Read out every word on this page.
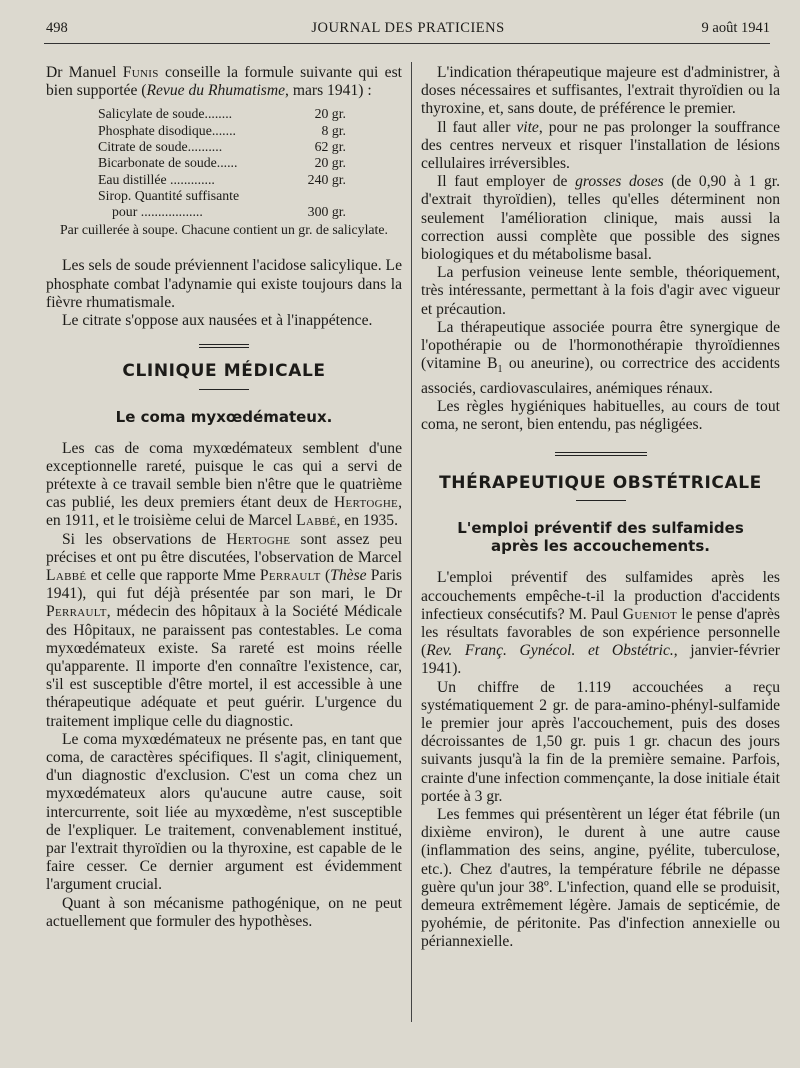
498	JOURNAL DES PRATICIENS	9 août 1941

Dr Manuel Funis conseille la formule suivante qui est bien supportée (Revue du Rhumatisme, mars 1941) :

Salicylate de soude........	20 gr.
Phosphate disodique.......	8 gr.
Citrate de soude..........	62 gr.
Bicarbonate de soude......	20 gr.
Eau distillée .............	240 gr.
Sirop. Quantité suffisante
pour ..................	300 gr.

Par cuillerée à soupe. Chacune contient un gr. de salicylate.

Les sels de soude préviennent l'acidose salicylique. Le phosphate combat l'adynamie qui existe toujours dans la fièvre rhumatismale.

Le citrate s'oppose aux nausées et à l'inappétence.

CLINIQUE MÉDICALE
Le coma myxœdémateux.

Les cas de coma myxœdémateux semblent d'une exceptionnelle rareté, puisque le cas qui a servi de prétexte à ce travail semble bien n'être que le quatrième cas publié, les deux premiers étant deux de Hertoghe, en 1911, et le troisième celui de Marcel Labbé, en 1935.

Si les observations de Hertoghe sont assez peu précises et ont pu être discutées, l'observation de Marcel Labbé et celle que rapporte Mme Perrault (Thèse Paris 1941), qui fut déjà présentée par son mari, le Dr Perrault, médecin des hôpitaux à la Société Médicale des Hôpitaux, ne paraissent pas contestables. Le coma myxœdémateux existe. Sa rareté est moins réelle qu'apparente. Il importe d'en connaître l'existence, car, s'il est susceptible d'être mortel, il est accessible à une thérapeutique adéquate et peut guérir. L'urgence du traitement implique celle du diagnostic.

Le coma myxœdémateux ne présente pas, en tant que coma, de caractères spécifiques. Il s'agit, cliniquement, d'un diagnostic d'exclusion. C'est un coma chez un myxœdémateux alors qu'aucune autre cause, soit intercurrente, soit liée au myxœdème, n'est susceptible de l'expliquer. Le traitement, convenablement institué, par l'extrait thyroïdien ou la thyroxine, est capable de le faire cesser. Ce dernier argument est évidemment l'argument crucial.

Quant à son mécanisme pathogénique, on ne peut actuellement que formuler des hypothèses.

L'indication thérapeutique majeure est d'administrer, à doses nécessaires et suffisantes, l'extrait thyroïdien ou la thyroxine, et, sans doute, de préférence le premier.

Il faut aller vite, pour ne pas prolonger la souffrance des centres nerveux et risquer l'installation de lésions cellulaires irréversibles.

Il faut employer de grosses doses (de 0,90 à 1 gr. d'extrait thyroïdien), telles qu'elles déterminent non seulement l'amélioration clinique, mais aussi la correction aussi complète que possible des signes biologiques et du métabolisme basal.

La perfusion veineuse lente semble, théoriquement, très intéressante, permettant à la fois d'agir avec vigueur et précaution.

La thérapeutique associée pourra être synergique de l'opothérapie ou de l'hormonothérapie thyroïdiennes (vitamine $B_1$ ou aneurine), ou correctrice des accidents associés, cardiovasculaires, anémiques rénaux.

Les règles hygiéniques habituelles, au cours de tout coma, ne seront, bien entendu, pas négligées.

THÉRAPEUTIQUE OBSTÉTRICALE
L'emploi préventif des sulfamides
après les accouchements.

L'emploi préventif des sulfamides après les accouchements empêche-t-il la production d'accidents infectieux consécutifs? M. Paul Gueniot le pense d'après les résultats favorables de son expérience personnelle (Rev. Franç. Gynécol. et Obstétric., janvier-février 1941).

Un chiffre de 1.119 accouchées a reçu systématiquement 2 gr. de para-amino-phényl-sulfamide le premier jour après l'accouchement, puis des doses décroissantes de 1,50 gr. puis 1 gr. chacun des jours suivants jusqu'à la fin de la première semaine. Parfois, crainte d'une infection commençante, la dose initiale était portée à 3 gr.

Les femmes qui présentèrent un léger état fébrile (un dixième environ), le durent à une autre cause (inflammation des seins, angine, pyélite, tuberculose, etc.). Chez d'autres, la température fébrile ne dépasse guère qu'un jour 38º. L'infection, quand elle se produisit, demeura extrêmement légère. Jamais de septicémie, de pyohémie, de péritonite. Pas d'infection annexielle ou périannexielle.
